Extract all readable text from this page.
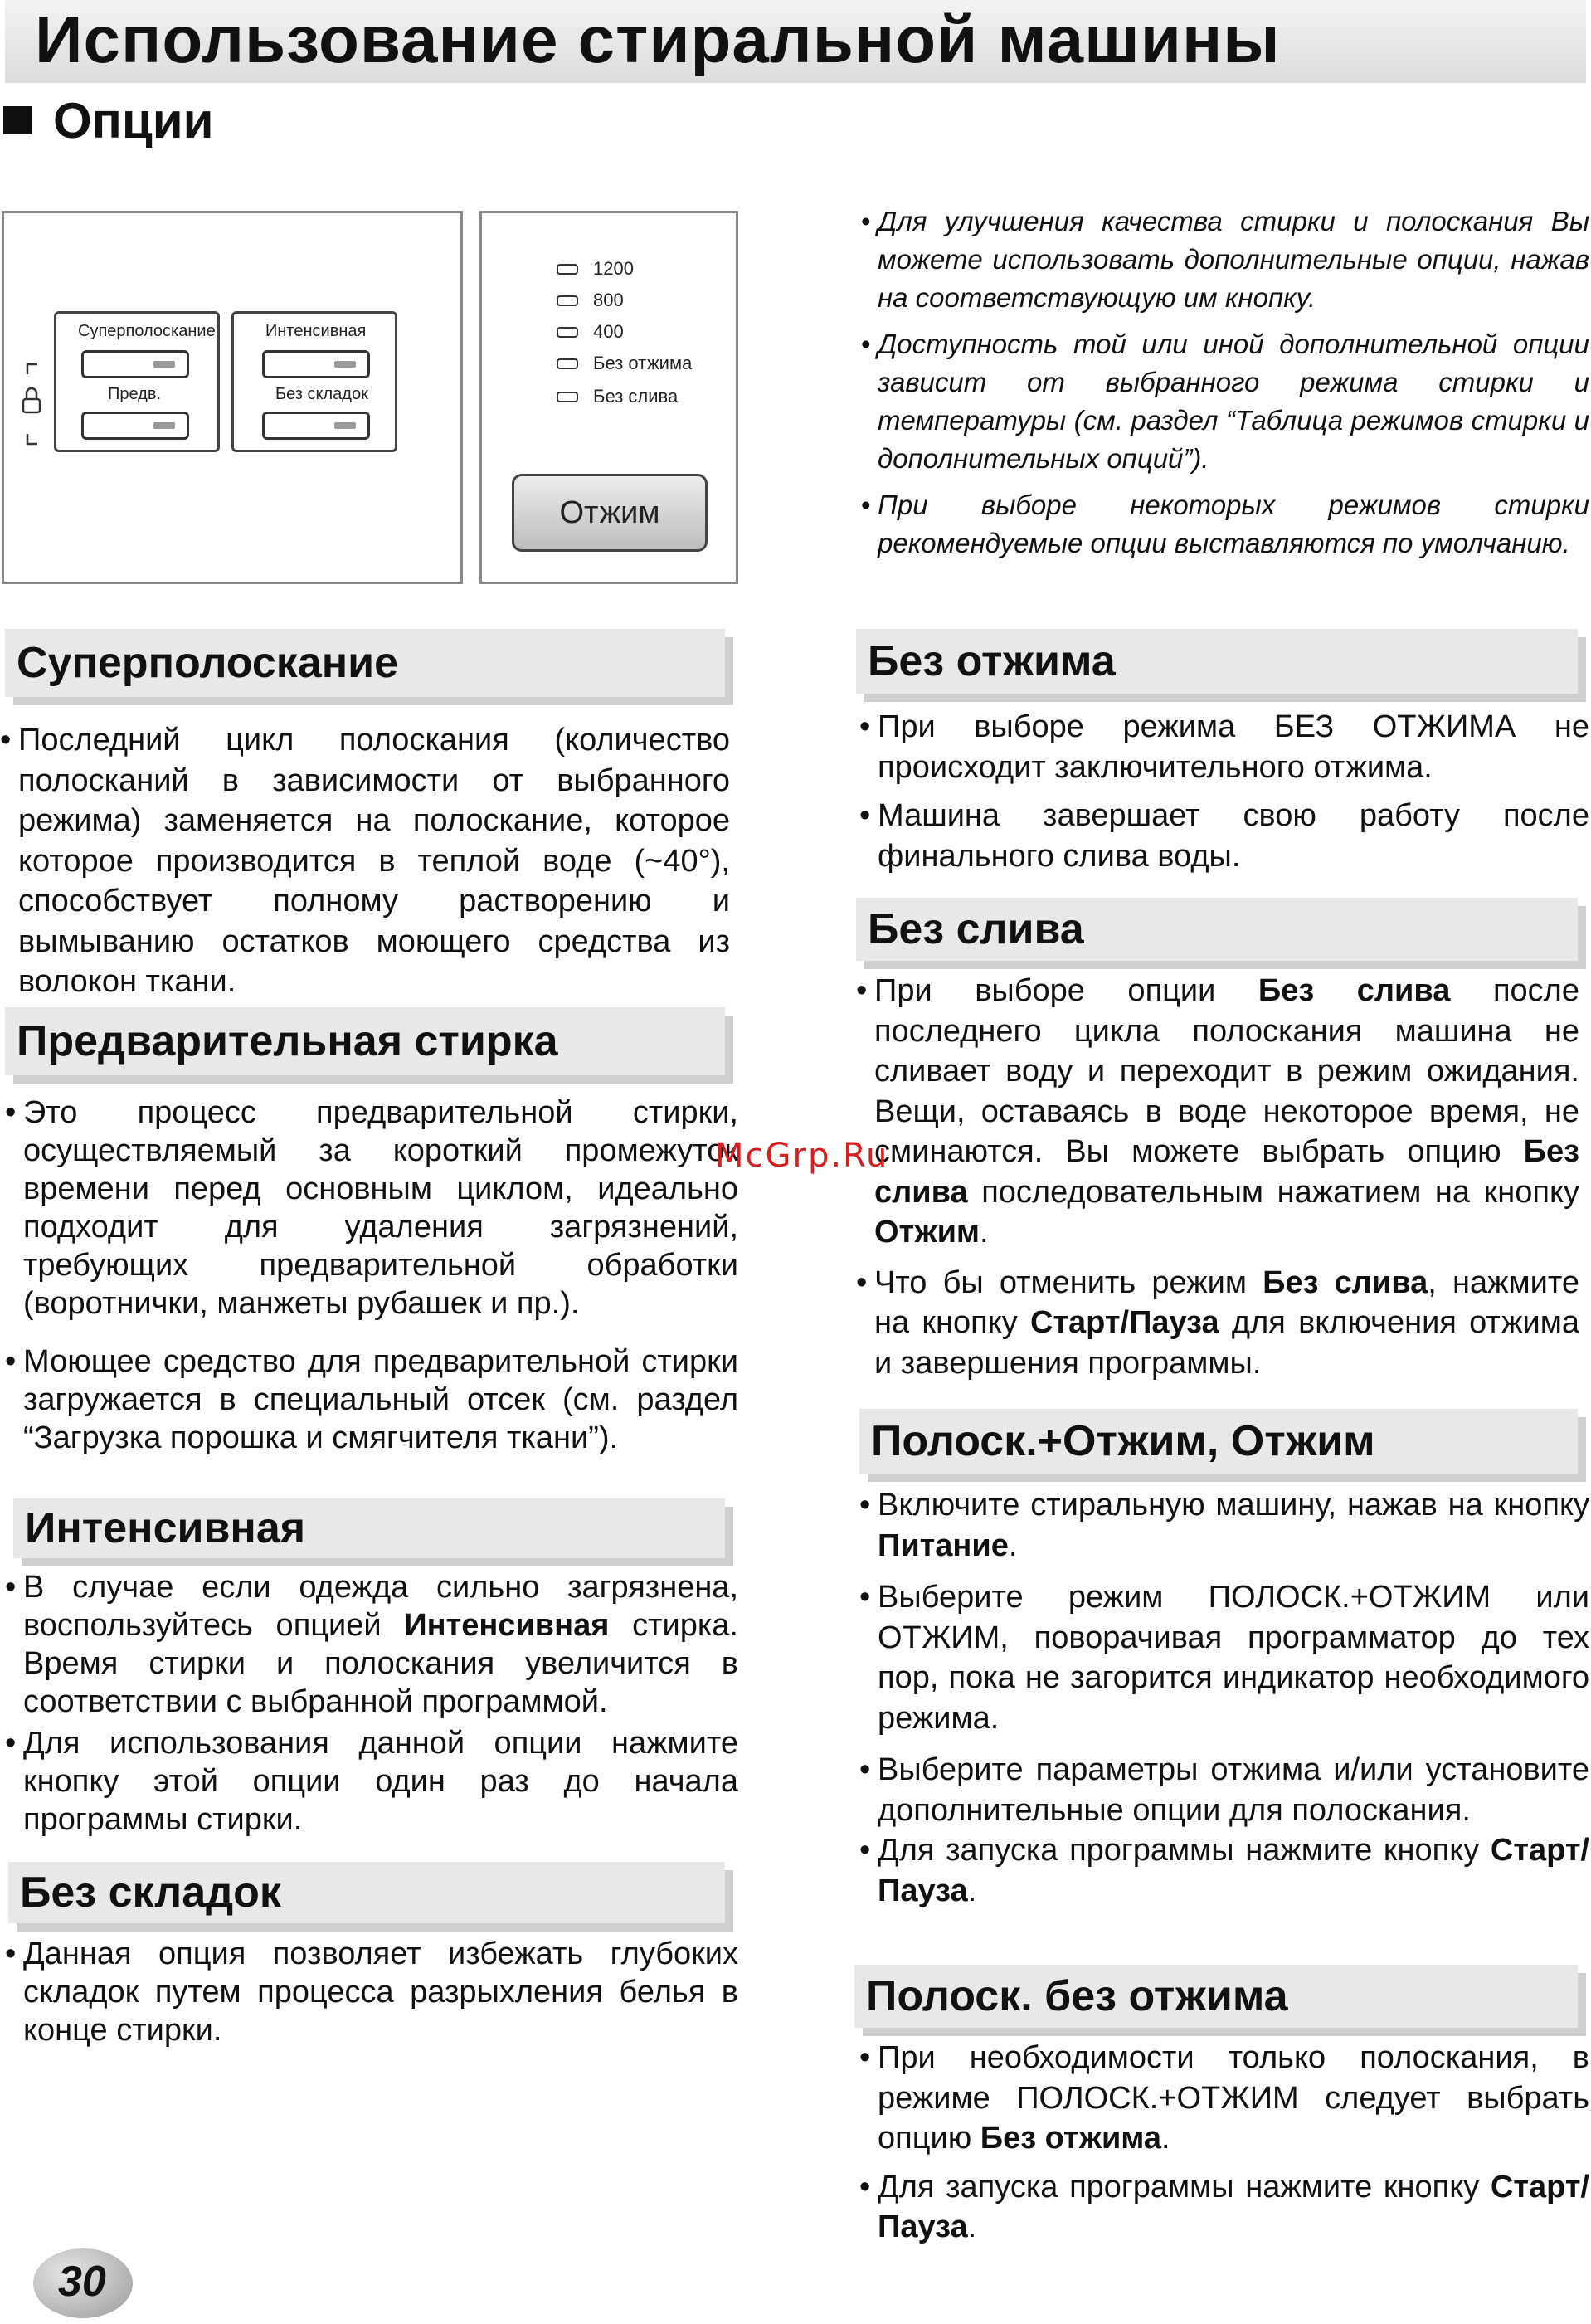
Использование стиральной машины
Опции
Суперполоскание
Предв.
Интенсивная
Без складок
1200
800
400
Без отжима
Без слива
Отжим

• Для улучшения качества стирки и полоскания Вы можете использовать дополнительные опции, нажав на соответствующую им кнопку.

• Доступность той или иной дополнительной опции зависит от выбранного режима стирки и температуры (см. раздел “Таблица режимов стирки и дополнительных опций”).

• При выборе некоторых режимов стирки рекомендуемые опции выставляются по умолчанию.

Суперполоскание

• Последний цикл полоскания (количество полосканий в зависимости от выбранного режима) заменяется на полоскание, которое которое производится в теплой воде (~40°), способствует полному растворению и вымыванию остатков моющего средства из волокон ткани.

Предварительная стирка

• Это процесс предварительной стирки, осуществляемый за короткий промежуток времени перед основным циклом, идеально подходит для удаления загрязнений, требующих предварительной обработки (воротнички, манжеты рубашек и пр.).

• Моющее средство для предварительной стирки загружается в специальный отсек (см. раздел “Загрузка порошка и смягчителя ткани”).

Интенсивная

• В случае если одежда сильно загрязнена, воспользуйтесь опцией Интенсивная стирка. Время стирки и полоскания увеличится в соответствии с выбранной программой.

• Для использования данной опции нажмите кнопку этой опции один раз до начала программы стирки.

Без складок

• Данная опция позволяет избежать глубоких складок путем процесса разрыхления белья в конце стирки.

Без отжима

• При выборе режима БЕЗ ОТЖИМА не происходит заключительного отжима.

• Машина завершает свою работу после финального слива воды.

Без слива

• При выборе опции Без слива после последнего цикла полоскания машина не сливает воду и переходит в режим ожидания. Вещи, оставаясь в воде некоторое время, не сминаются. Вы можете выбрать опцию Без слива последовательным нажатием на кнопку Отжим.

• Что бы отменить режим Без слива, нажмите на кнопку Старт/Пауза для включения отжима и завершения программы.

Полоск.+Отжим, Отжим

• Включите стиральную машину, нажав на кнопку Питание.

• Выберите режим ПОЛОСК.+ОТЖИМ или ОТЖИМ, поворачивая программатор до тех пор, пока не загорится индикатор необходимого режима.

• Выберите параметры отжима и/или установите дополнительные опции для полоскания.

• Для запуска программы нажмите кнопку Старт/Пауза.

Полоск. без отжима

• При необходимости только полоскания, в режиме ПОЛОСК.+ОТЖИМ следует выбрать опцию Без отжима.

• Для запуска программы нажмите кнопку Старт/Пауза.

McGrp.Ru
30
